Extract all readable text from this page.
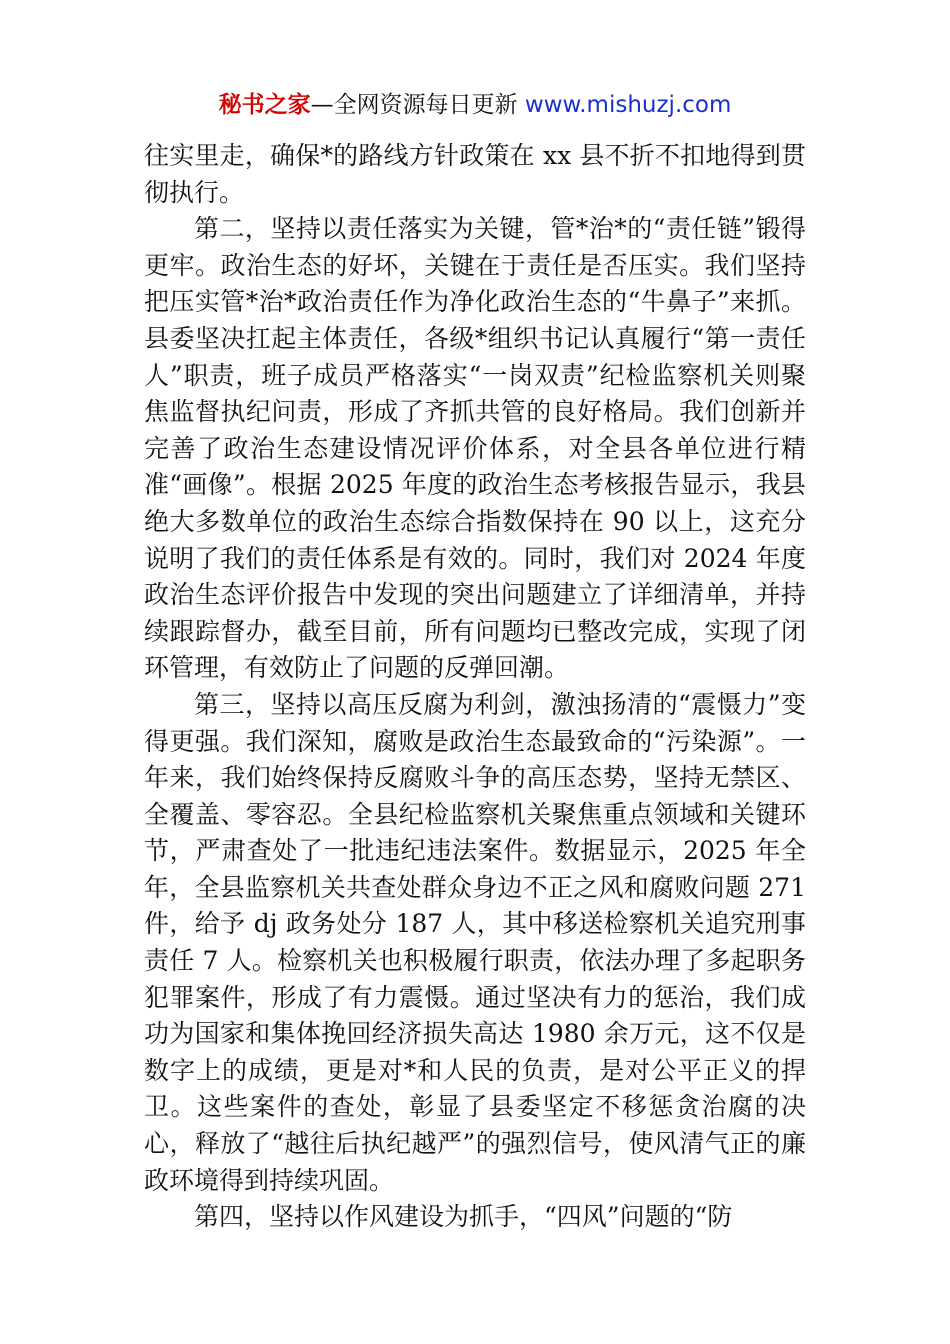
秘书之家—全网资源每日更新 www.mishuzj.com

往实里走，确保*的路线方针政策在 xx 县不折不扣地得到贯彻执行。

第二，坚持以责任落实为关键，管*治*的“责任链”锻得更牢。政治生态的好坏，关键在于责任是否压实。我们坚持把压实管*治*政治责任作为净化政治生态的“牛鼻子”来抓。县委坚决扛起主体责任，各级*组织书记认真履行“第一责任人”职责，班子成员严格落实“一岗双责”纪检监察机关则聚焦监督执纪问责，形成了齐抓共管的良好格局。我们创新并完善了政治生态建设情况评价体系，对全县各单位进行精准“画像”。根据 2025 年度的政治生态考核报告显示，我县绝大多数单位的政治生态综合指数保持在 90 以上，这充分说明了我们的责任体系是有效的。同时，我们对 2024 年度政治生态评价报告中发现的突出问题建立了详细清单，并持续跟踪督办，截至目前，所有问题均已整改完成，实现了闭环管理，有效防止了问题的反弹回潮。

第三，坚持以高压反腐为利剑，激浊扬清的“震慑力”变得更强。我们深知，腐败是政治生态最致命的“污染源”。一年来，我们始终保持反腐败斗争的高压态势，坚持无禁区、全覆盖、零容忍。全县纪检监察机关聚焦重点领域和关键环节，严肃查处了一批违纪违法案件。数据显示，2025 年全年，全县监察机关共查处群众身边不正之风和腐败问题 271 件，给予 dj 政务处分 187 人，其中移送检察机关追究刑事责任 7 人。检察机关也积极履行职责，依法办理了多起职务犯罪案件，形成了有力震慑。通过坚决有力的惩治，我们成功为国家和集体挽回经济损失高达 1980 余万元，这不仅是数字上的成绩，更是对*和人民的负责，是对公平正义的捍卫。这些案件的查处，彰显了县委坚定不移惩贪治腐的决心，释放了“越往后执纪越严”的强烈信号，使风清气正的廉政环境得到持续巩固。

第四，坚持以作风建设为抓手，“四风”问题的“防
